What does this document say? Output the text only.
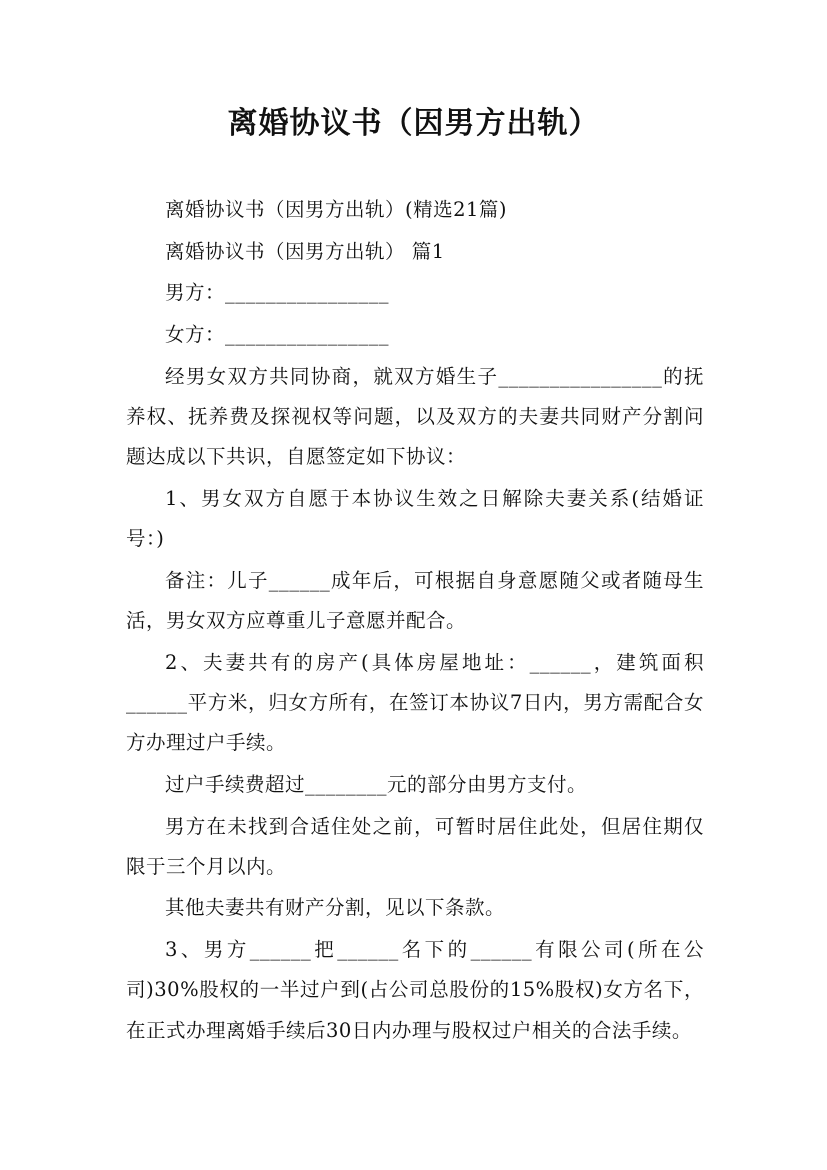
离婚协议书（因男方出轨）

离婚协议书（因男方出轨）(精选21篇)

离婚协议书（因男方出轨） 篇1

男方：________________

女方：________________

经男女双方共同协商，就双方婚生子________________的抚养权、抚养费及探视权等问题，以及双方的夫妻共同财产分割问题达成以下共识，自愿签定如下协议：

1、男女双方自愿于本协议生效之日解除夫妻关系(结婚证号：)

备注：儿子______成年后，可根据自身意愿随父或者随母生活，男女双方应尊重儿子意愿并配合。

2、夫妻共有的房产(具体房屋地址：______，建筑面积______平方米，归女方所有，在签订本协议7日内，男方需配合女方办理过户手续。

过户手续费超过________元的部分由男方支付。

男方在未找到合适住处之前，可暂时居住此处，但居住期仅限于三个月以内。

其他夫妻共有财产分割，见以下条款。

3、男方______把______名下的______有限公司(所在公司)30%股权的一半过户到(占公司总股份的15%股权)女方名下，在正式办理离婚手续后30日内办理与股权过户相关的合法手续。
